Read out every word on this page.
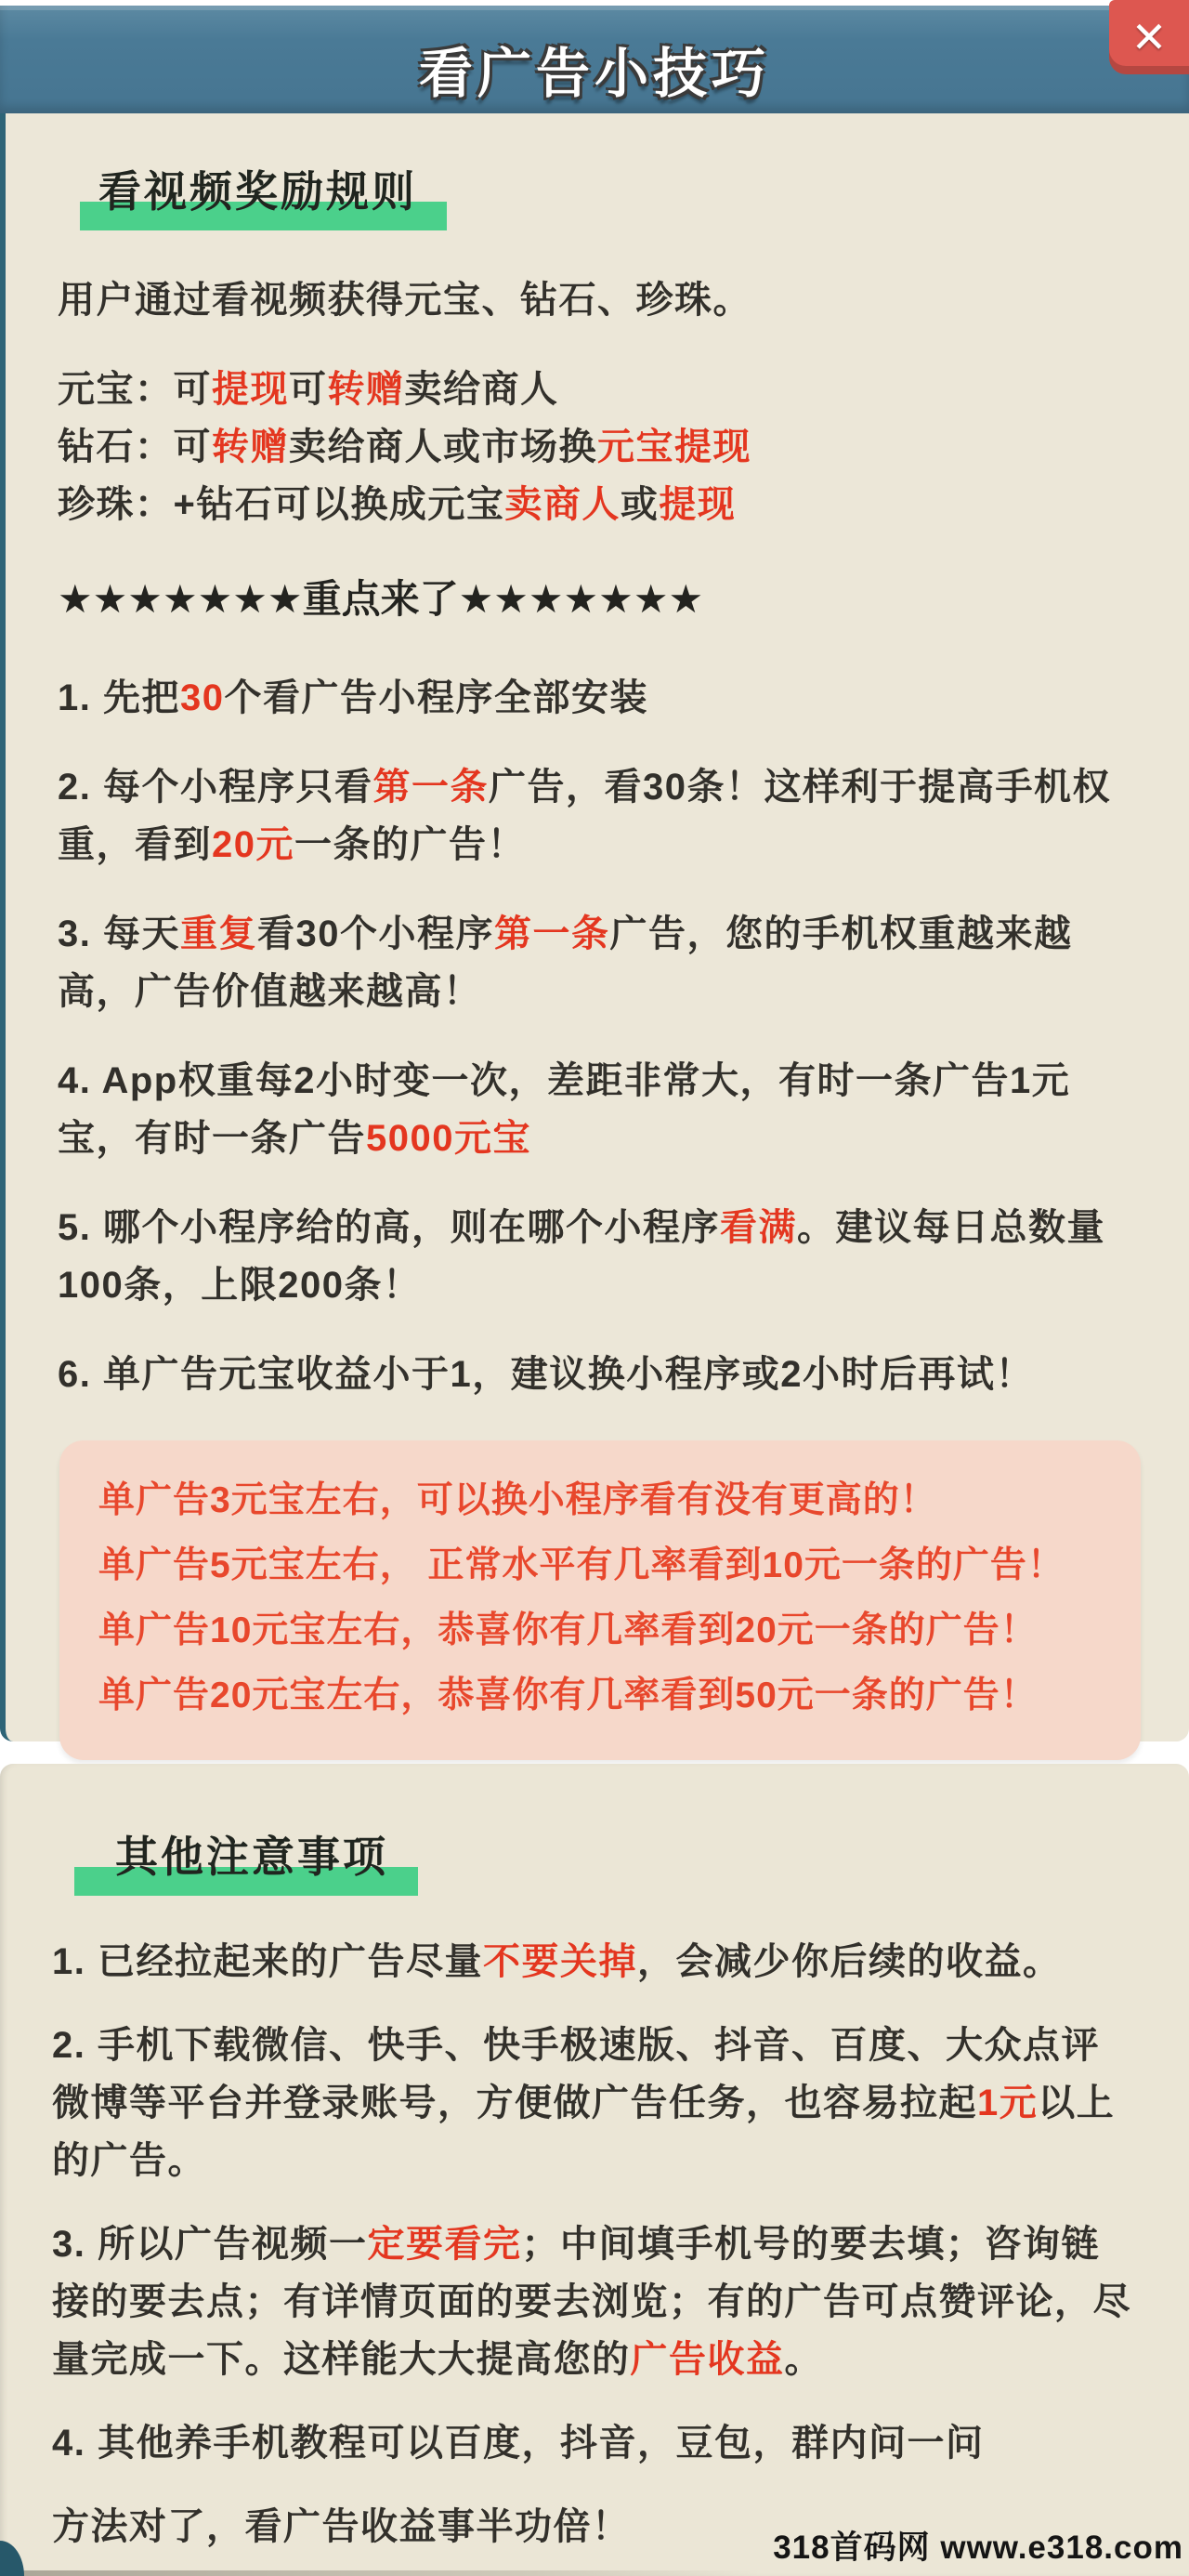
看广告小技巧
✕
看视频奖励规则

用户通过看视频获得元宝、钻石、珍珠。

元宝：可提现可转赠卖给商人

钻石：可转赠卖给商人或市场换元宝提现

珍珠：+钻石可以换成元宝卖商人或提现

★★★★★★★重点来了★★★★★★★

1. 先把30个看广告小程序全部安装

2. 每个小程序只看第一条广告，看30条！这样利于提高手机权重，看到20元一条的广告！

3. 每天重复看30个小程序第一条广告，您的手机权重越来越高，广告价值越来越高！

4. App权重每2小时变一次，差距非常大，有时一条广告1元宝，有时一条广告5000元宝

5. 哪个小程序给的高，则在哪个小程序看满。建议每日总数量100条，上限200条！

6. 单广告元宝收益小于1，建议换小程序或2小时后再试！

单广告3元宝左右，可以换小程序看有没有更高的！

单广告5元宝左右， 正常水平有几率看到10元一条的广告！

单广告10元宝左右，恭喜你有几率看到20元一条的广告！

单广告20元宝左右，恭喜你有几率看到50元一条的广告！

其他注意事项

1. 已经拉起来的广告尽量不要关掉，会减少你后续的收益。

2. 手机下载微信、快手、快手极速版、抖音、百度、大众点评微博等平台并登录账号，方便做广告任务，也容易拉起1元以上的广告。

3. 所以广告视频一定要看完；中间填手机号的要去填；咨询链接的要去点；有详情页面的要去浏览；有的广告可点赞评论，尽量完成一下。这样能大大提高您的广告收益。

4. 其他养手机教程可以百度，抖音，豆包，群内问一问

方法对了，看广告收益事半功倍！

318首码网 www.e318.com
